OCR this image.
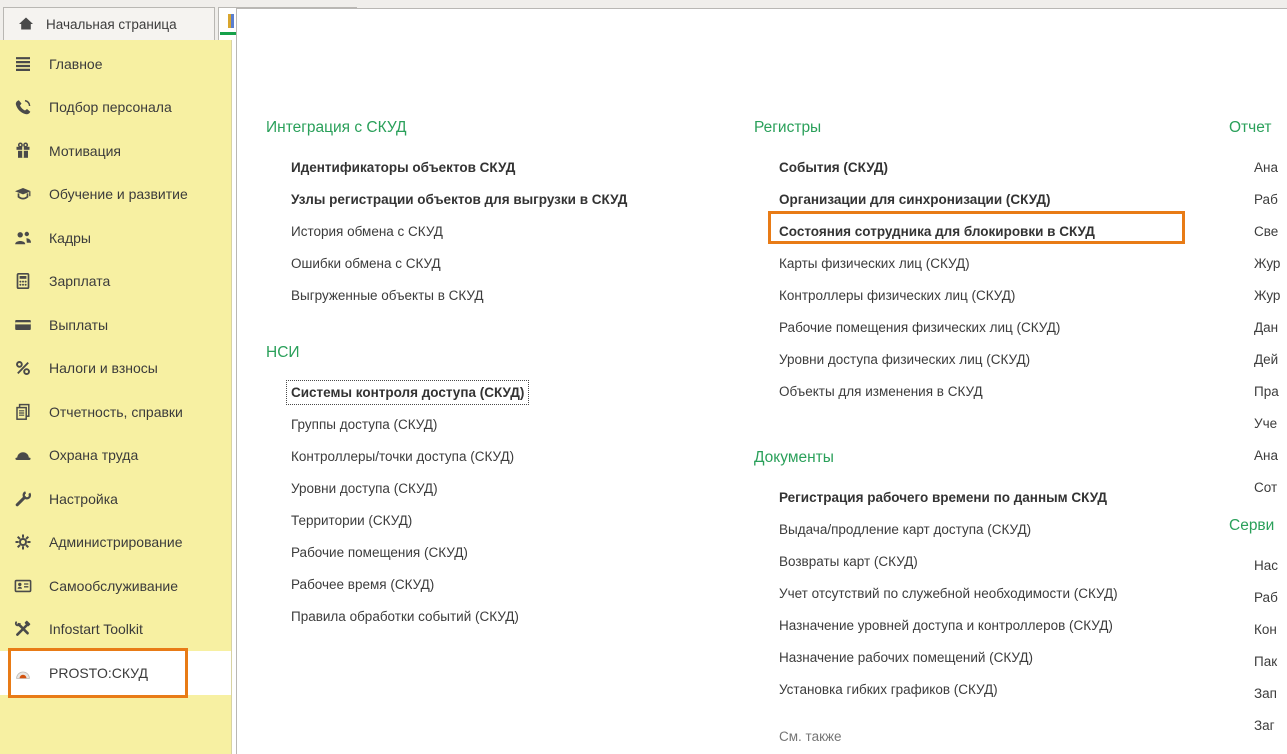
Начальная страница
Главное
Подбор персонала
Мотивация
Обучение и развитие
Кадры
Зарплата
Выплаты
Налоги и взносы
Отчетность, справки
Охрана труда
Настройка
Администрирование
Самообслуживание
Infostart Toolkit
PROSTO:СКУД
Интеграция с СКУД
Идентификаторы объектов СКУД
Узлы регистрации объектов для выгрузки в СКУД
История обмена с СКУД
Ошибки обмена с СКУД
Выгруженные объекты в СКУД
НСИ
Системы контроля доступа (СКУД)
Группы доступа (СКУД)
Контроллеры/точки доступа (СКУД)
Уровни доступа (СКУД)
Территории (СКУД)
Рабочие помещения (СКУД)
Рабочее время (СКУД)
Правила обработки событий (СКУД)
Регистры
События (СКУД)
Организации для синхронизации (СКУД)
Состояния сотрудника для блокировки в СКУД
Карты физических лиц (СКУД)
Контроллеры физических лиц (СКУД)
Рабочие помещения физических лиц (СКУД)
Уровни доступа физических лиц (СКУД)
Объекты для изменения в СКУД
Документы
Регистрация рабочего времени по данным СКУД
Выдача/продление карт доступа (СКУД)
Возвраты карт (СКУД)
Учет отсутствий по служебной необходимости (СКУД)
Назначение уровней доступа и контроллеров (СКУД)
Назначение рабочих помещений (СКУД)
Установка гибких графиков (СКУД)
См. также
Отчет
Ана
Раб
Све
Жур
Жур
Дан
Дей
Пра
Уче
Ана
Сот
Серви
Нас
Раб
Кон
Пак
Зап
Заг
